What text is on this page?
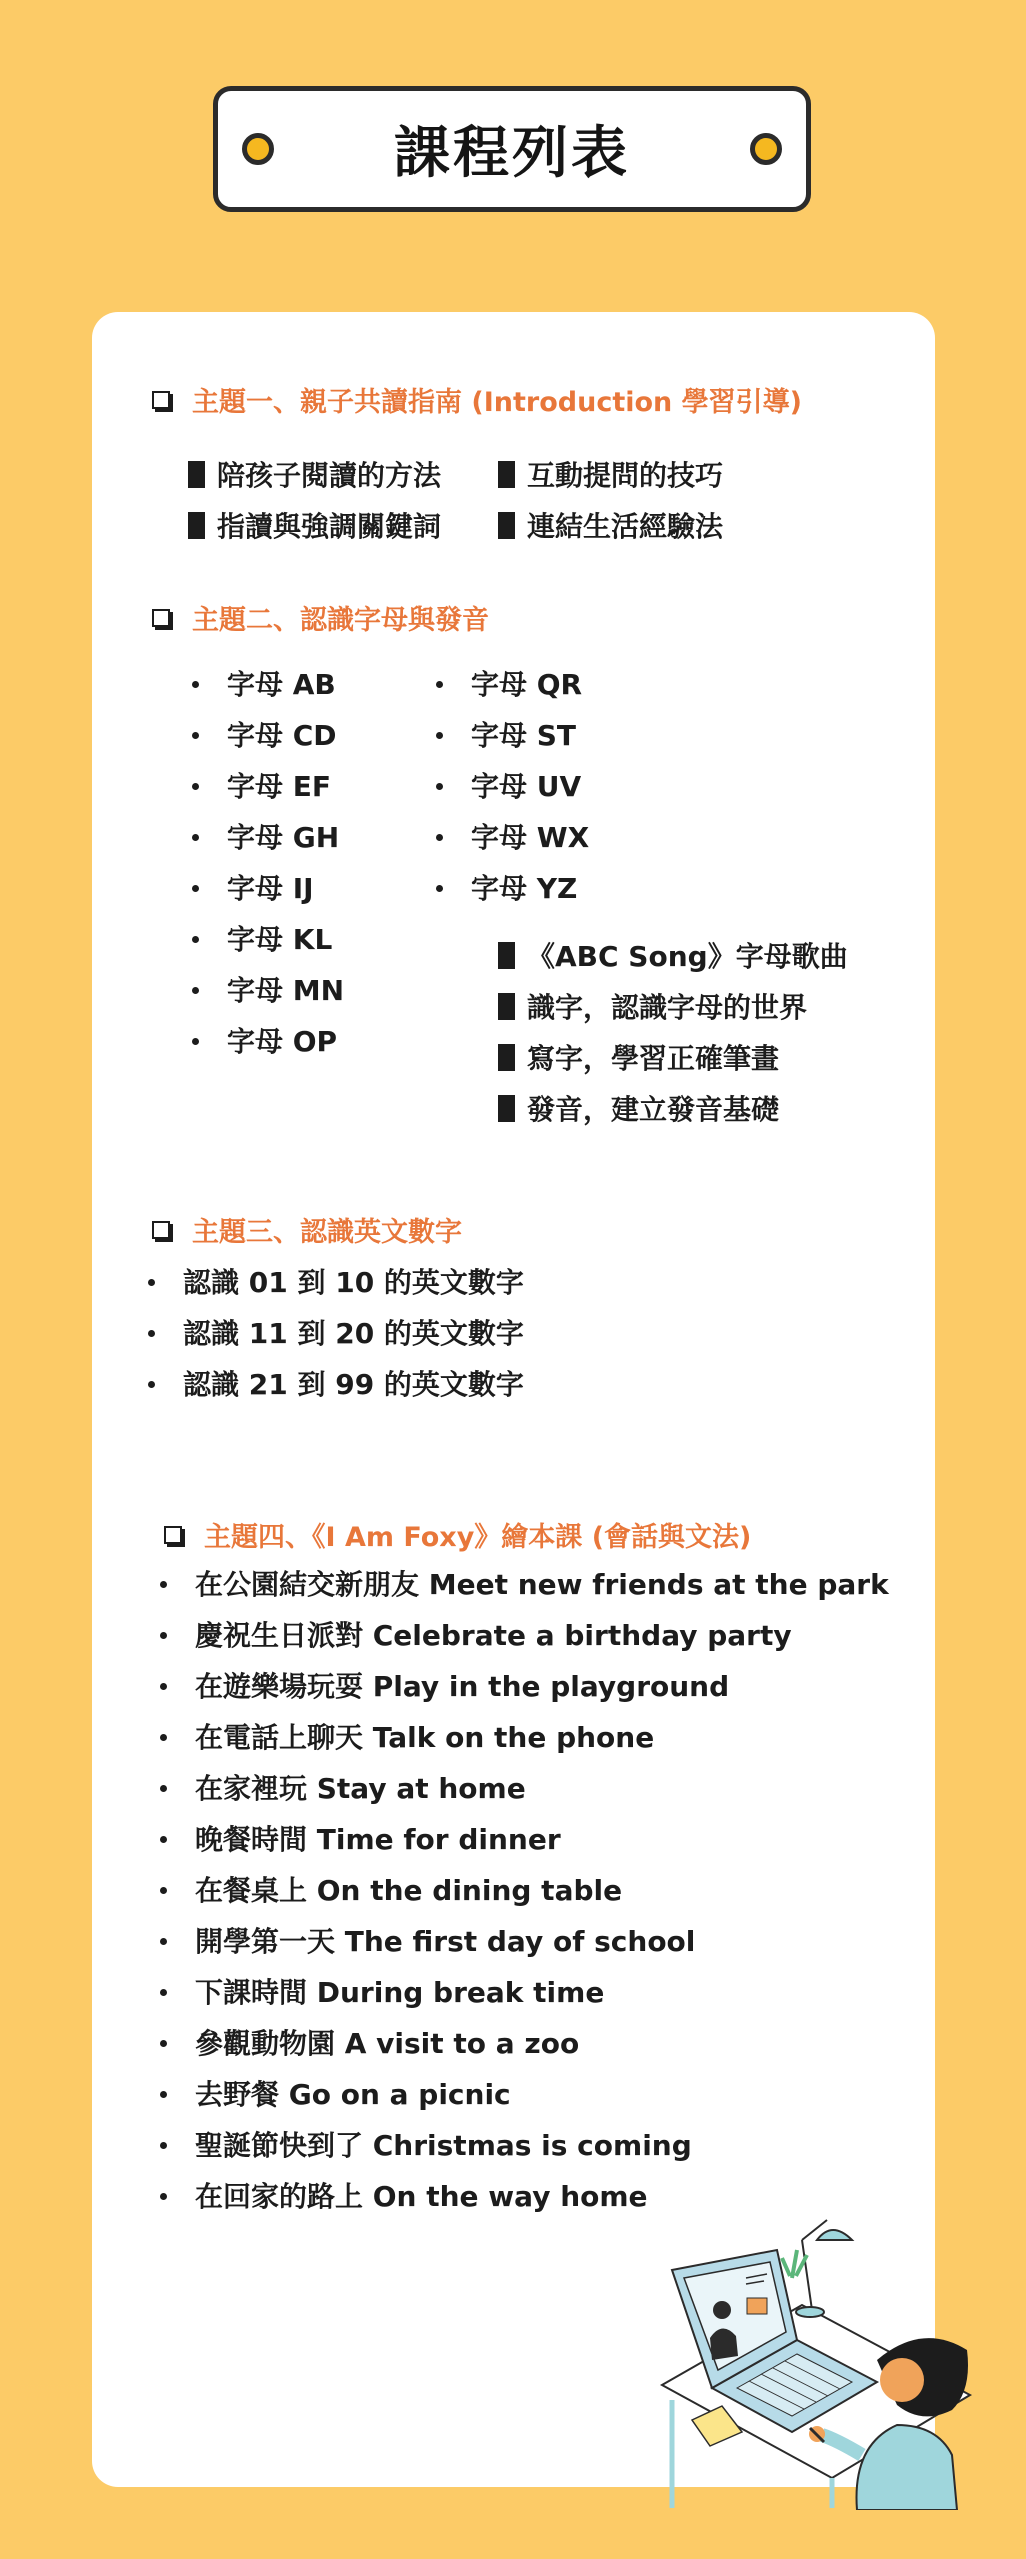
課程列表
主題一、親子共讀指南 (Introduction 學習引導)
陪孩子閱讀的方法
指讀與強調關鍵詞
互動提問的技巧
連結生活經驗法
主題二、認識字母與發音
字母 AB
字母 CD
字母 EF
字母 GH
字母 IJ
字母 KL
字母 MN
字母 OP
字母 QR
字母 ST
字母 UV
字母 WX
字母 YZ
《ABC Song》字母歌曲
識字，認識字母的世界
寫字，學習正確筆畫
發音，建立發音基礎
主題三、認識英文數字
認識 01 到 10 的英文數字
認識 11 到 20 的英文數字
認識 21 到 99 的英文數字
主題四、《I Am Foxy》繪本課 (會話與文法)
在公園結交新朋友 Meet new friends at the park
慶祝生日派對 Celebrate a birthday party
在遊樂場玩耍 Play in the playground
在電話上聊天 Talk on the phone
在家裡玩 Stay at home
晚餐時間 Time for dinner
在餐桌上 On the dining table
開學第一天 The first day of school
下課時間 During break time
參觀動物園 A visit to a zoo
去野餐 Go on a picnic
聖誕節快到了 Christmas is coming
在回家的路上 On the way home
